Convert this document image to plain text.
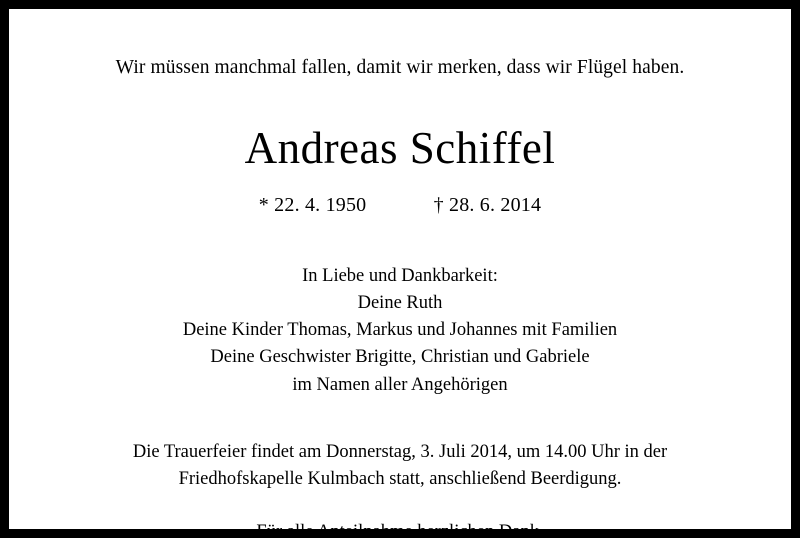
Wir müssen manchmal fallen, damit wir merken, dass wir Flügel haben.
Andreas Schiffel
* 22. 4. 1950	† 28. 6. 2014
In Liebe und Dankbarkeit:
Deine Ruth
Deine Kinder Thomas, Markus und Johannes mit Familien
Deine Geschwister Brigitte, Christian und Gabriele
im Namen aller Angehörigen
Die Trauerfeier findet am Donnerstag, 3. Juli 2014, um 14.00 Uhr in der
Friedhofskapelle Kulmbach statt, anschließend Beerdigung.
Für alle Anteilnahme herzlichen Dank.
